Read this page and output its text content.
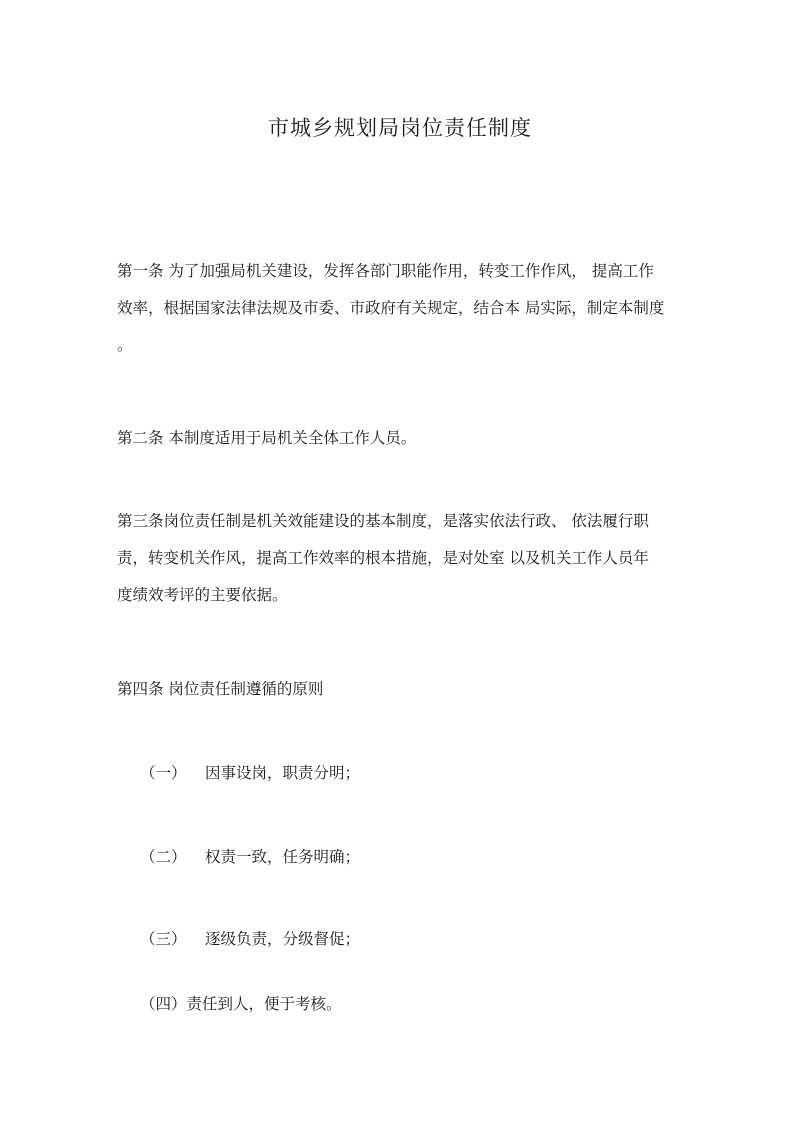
市城乡规划局岗位责任制度

第一条 为了加强局机关建设，发挥各部门职能作用，转变工作作风， 提高工作
效率，根据国家法律法规及市委、市政府有关规定，结合本 局实际，制定本制度
。

第二条 本制度适用于局机关全体工作人员。

第三条岗位责任制是机关效能建设的基本制度，是落实依法行政、 依法履行职
责，转变机关作风，提高工作效率的根本措施，是对处室 以及机关工作人员年
度绩效考评的主要依据。

第四条 岗位责任制遵循的原则

（一） 因事设岗，职责分明；
（二） 权责一致，任务明确；
（三） 逐级负责，分级督促；
（四）责任到人，便于考核。
